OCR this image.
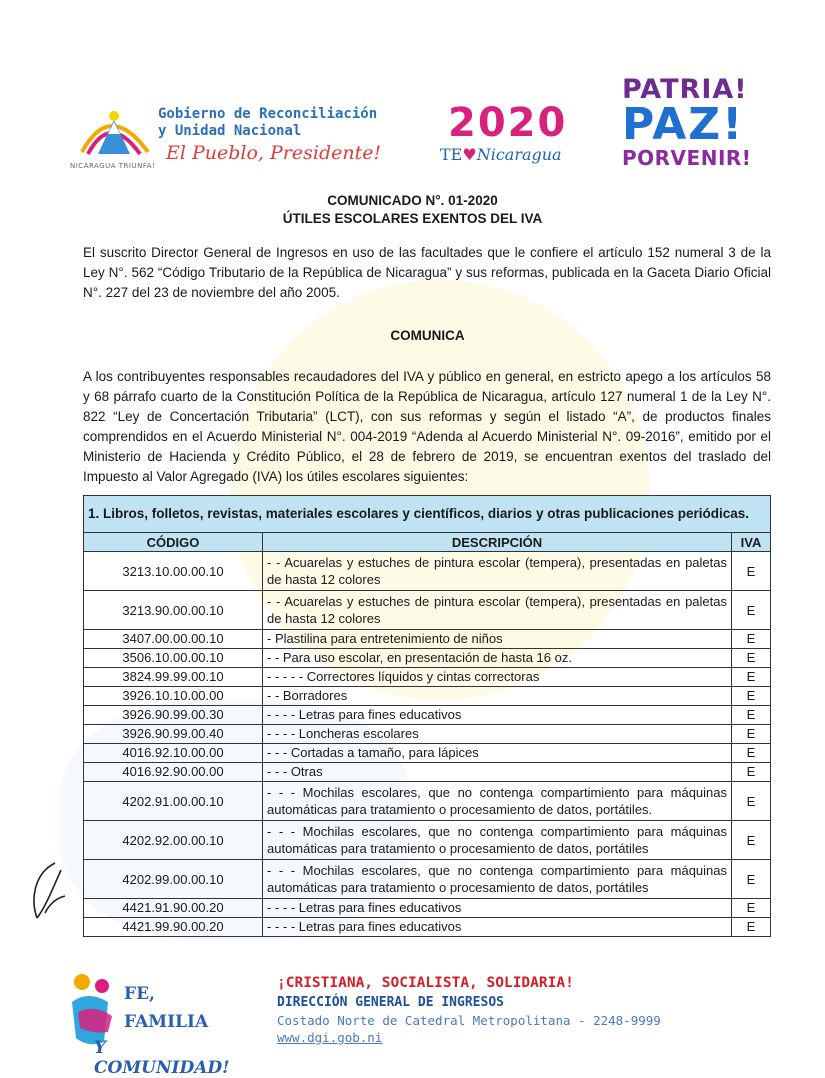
NICARAGUA TRIUNFA!
Gobierno de Reconciliación
y Unidad Nacional
El Pueblo, Presidente!
2020
TE♥Nicaragua
PATRIA!
PAZ!
PORVENIR!
COMUNICADO N°. 01-2020
ÚTILES ESCOLARES EXENTOS DEL IVA
El suscrito Director General de Ingresos en uso de las facultades que le confiere el artículo 152 numeral 3 de la Ley N°. 562 “Código Tributario de la República de Nicaragua” y sus reformas, publicada en la Gaceta Diario Oficial N°. 227 del 23 de noviembre del año 2005.
COMUNICA
A los contribuyentes responsables recaudadores del IVA y público en general, en estricto apego a los artículos 58 y 68 párrafo cuarto de la Constitución Política de la República de Nicaragua, artículo 127 numeral 1 de la Ley N°. 822 “Ley de Concertación Tributaria” (LCT), con sus reformas y según el listado “A”, de productos finales comprendidos en el Acuerdo Ministerial N°. 004-2019 “Adenda al Acuerdo Ministerial N°. 09-2016”, emitido por el Ministerio de Hacienda y Crédito Público, el 28 de febrero de 2019, se encuentran exentos del traslado del Impuesto al Valor Agregado (IVA) los útiles escolares siguientes:
1. Libros, folletos, revistas, materiales escolares y científicos, diarios y otras publicaciones periódicas.		
CÓDIGO	DESCRIPCIÓN	IVA
3213.10.00.00.10	- - Acuarelas y estuches de pintura escolar (tempera), presentadas en paletas de hasta 12 colores	E
3213.90.00.00.10	- - Acuarelas y estuches de pintura escolar (tempera), presentadas en paletas de hasta 12 colores	E
3407.00.00.00.10	- Plastilina para entretenimiento de niños	E
3506.10.00.00.10	- - Para uso escolar, en presentación de hasta 16 oz.	E
3824.99.99.00.10	- - - - - Correctores líquidos y cintas correctoras	E
3926.10.10.00.00	- - Borradores	E
3926.90.99.00.30	- - - - Letras para fines educativos	E
3926.90.99.00.40	- - - - Loncheras escolares	E
4016.92.10.00.00	- - - Cortadas a tamaño, para lápices	E
4016.92.90.00.00	- - - Otras	E
4202.91.00.00.10	- - - Mochilas escolares, que no contenga compartimiento para máquinas automáticas para tratamiento o procesamiento de datos, portátiles.	E
4202.92.00.00.10	- - - Mochilas escolares, que no contenga compartimiento para máquinas automáticas para tratamiento o procesamiento de datos, portátiles	E
4202.99.00.00.10	- - - Mochilas escolares, que no contenga compartimiento para máquinas automáticas para tratamiento o procesamiento de datos, portátiles	E
4421.91.90.00.20	- - - - Letras para fines educativos	E
4421.99.90.00.20	- - - - Letras para fines educativos	E
FE,
FAMILIA
Y COMUNIDAD!
¡CRISTIANA, SOCIALISTA, SOLIDARIA!
DIRECCIÓN GENERAL DE INGRESOS
Costado Norte de Catedral Metropolitana - 2248-9999
www.dgi.gob.ni
